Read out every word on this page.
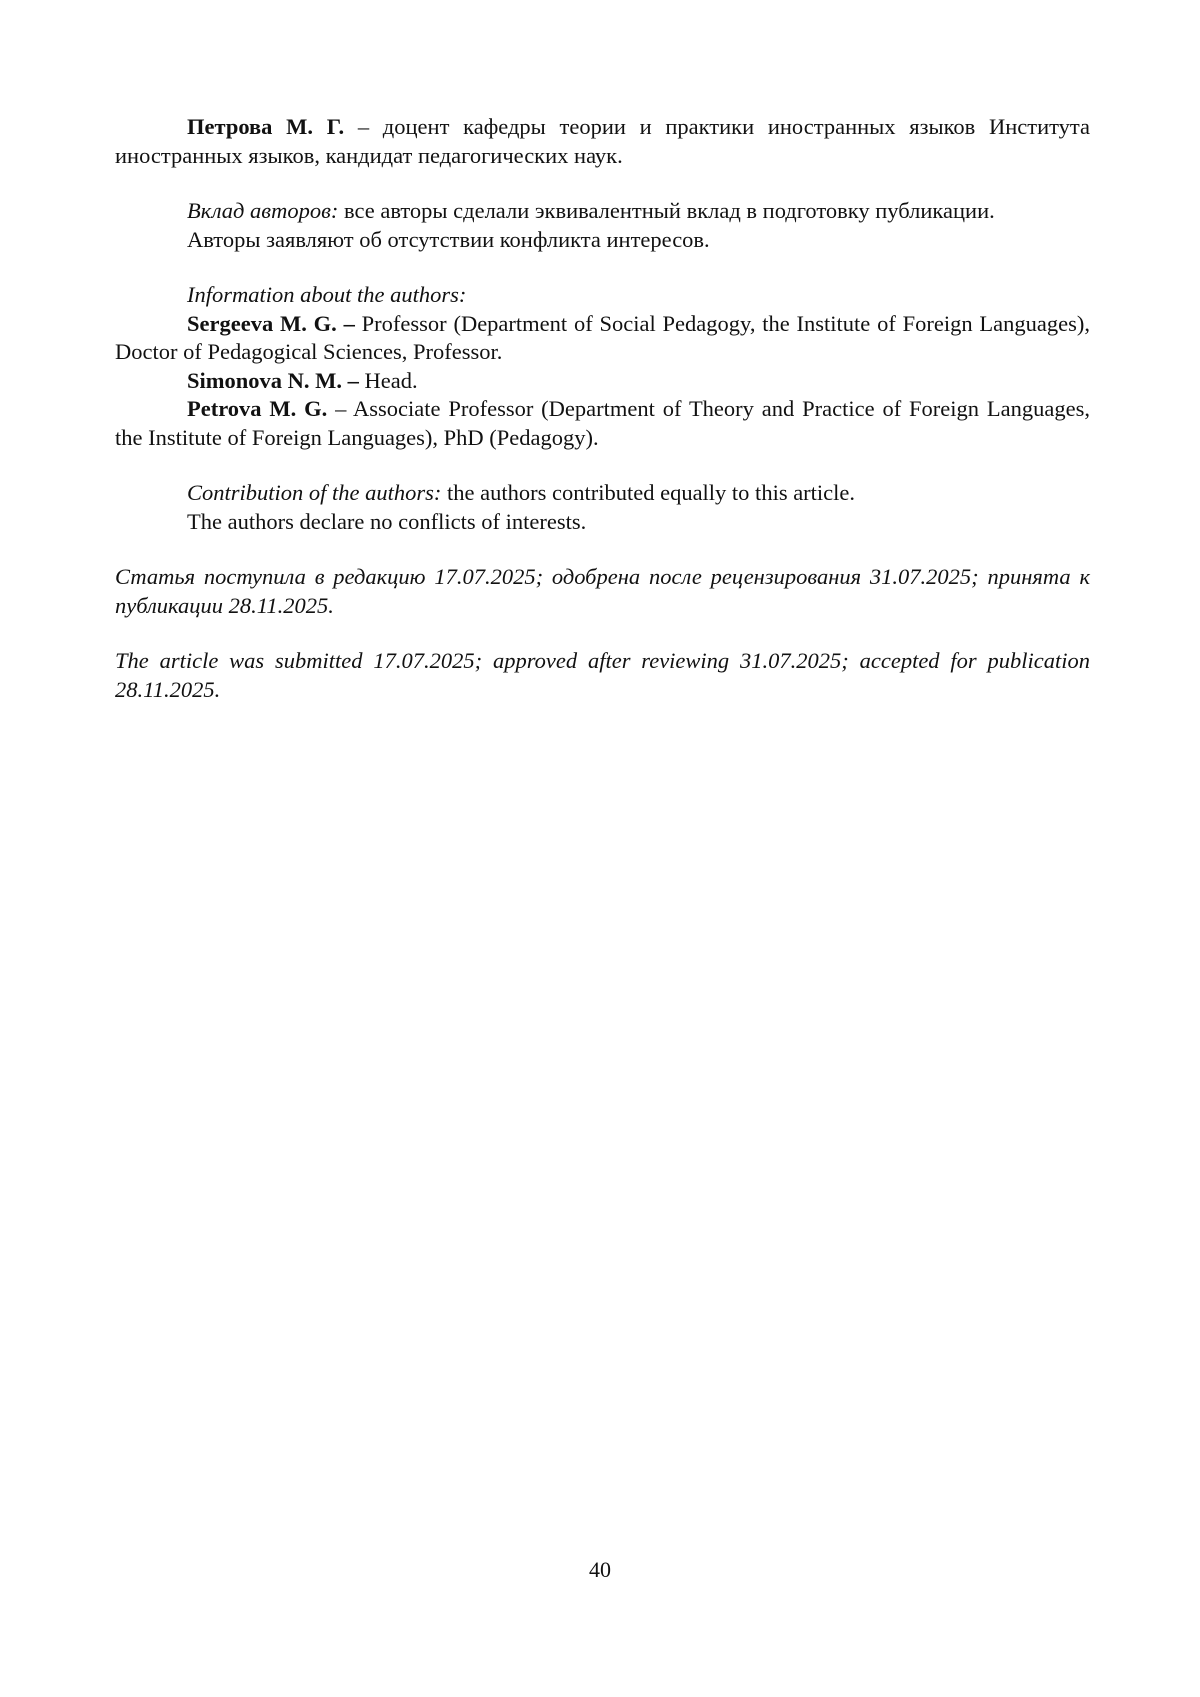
Петрова М. Г. – доцент кафедры теории и практики иностранных языков Института иностранных языков, кандидат педагогических наук.

Вклад авторов: все авторы сделали эквивалентный вклад в подготовку публикации.

Авторы заявляют об отсутствии конфликта интересов.

Information about the authors:

Sergeeva M. G. – Professor (Department of Social Pedagogy, the Institute of Foreign Languages), Doctor of Pedagogical Sciences, Professor.

Simonova N. M. – Head.

Petrova M. G. – Associate Professor (Department of Theory and Practice of Foreign Languages, the Institute of Foreign Languages), PhD (Pedagogy).

Contribution of the authors: the authors contributed equally to this article.

The authors declare no conflicts of interests.

Статья поступила в редакцию 17.07.2025; одобрена после рецензирования 31.07.2025; принята к публикации 28.11.2025.

The article was submitted 17.07.2025; approved after reviewing 31.07.2025; accepted for publication 28.11.2025.

40
